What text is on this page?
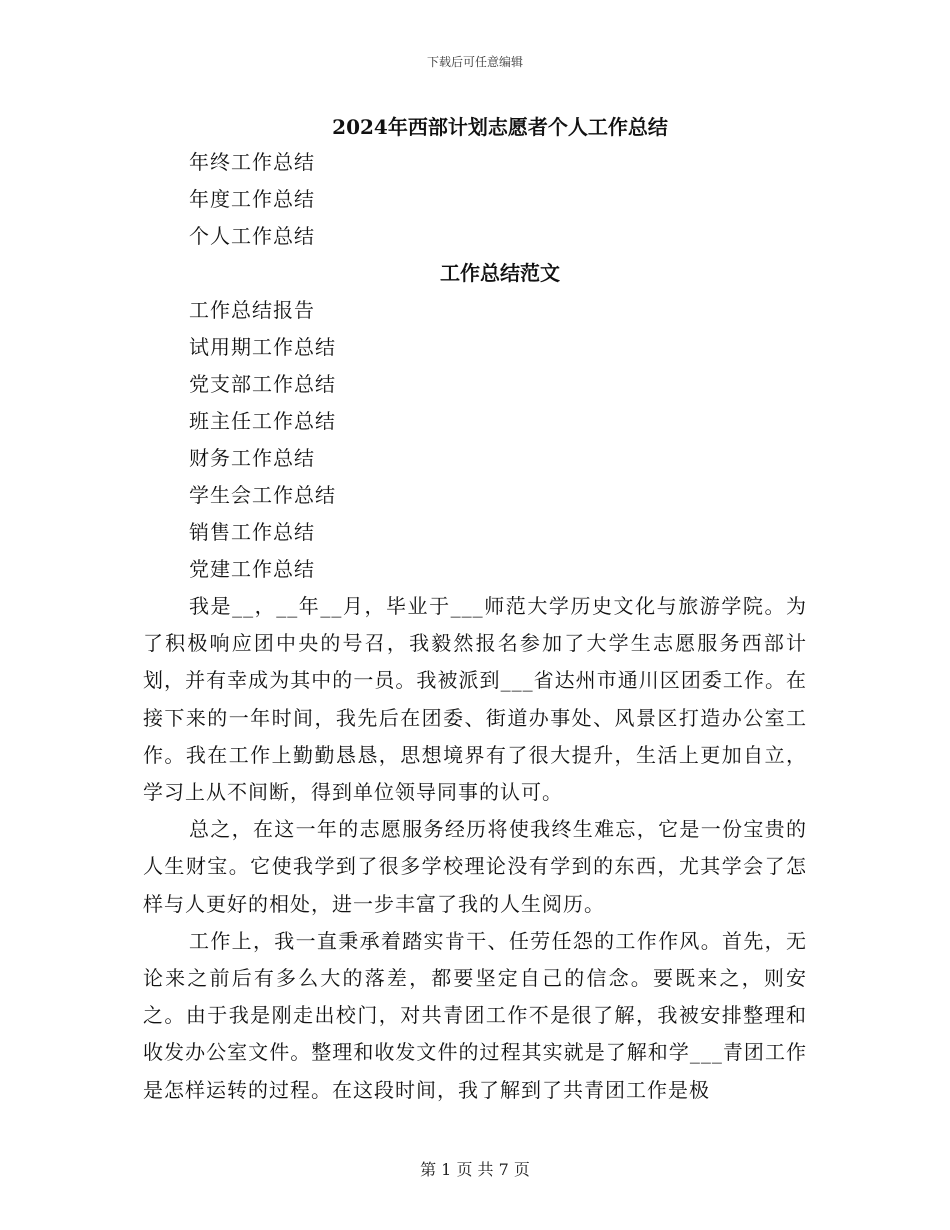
下载后可任意编辑
2024年西部计划志愿者个人工作总结
年终工作总结
年度工作总结
个人工作总结
工作总结范文
工作总结报告
试用期工作总结
党支部工作总结
班主任工作总结
财务工作总结
学生会工作总结
销售工作总结
党建工作总结

我是__，__年__月，毕业于___师范大学历史文化与旅游学院。为了积极响应团中央的号召，我毅然报名参加了大学生志愿服务西部计划，并有幸成为其中的一员。我被派到___省达州市通川区团委工作。在接下来的一年时间，我先后在团委、街道办事处、风景区打造办公室工作。我在工作上勤勤恳恳，思想境界有了很大提升，生活上更加自立，学习上从不间断，得到单位领导同事的认可。

总之，在这一年的志愿服务经历将使我终生难忘，它是一份宝贵的人生财宝。它使我学到了很多学校理论没有学到的东西，尤其学会了怎样与人更好的相处，进一步丰富了我的人生阅历。

工作上，我一直秉承着踏实肯干、任劳任怨的工作作风。首先，无论来之前后有多么大的落差，都要坚定自己的信念。要既来之，则安之。由于我是刚走出校门，对共青团工作不是很了解，我被安排整理和收发办公室文件。整理和收发文件的过程其实就是了解和学___青团工作是怎样运转的过程。在这段时间，我了解到了共青团工作是极

第 1 页 共 7 页
